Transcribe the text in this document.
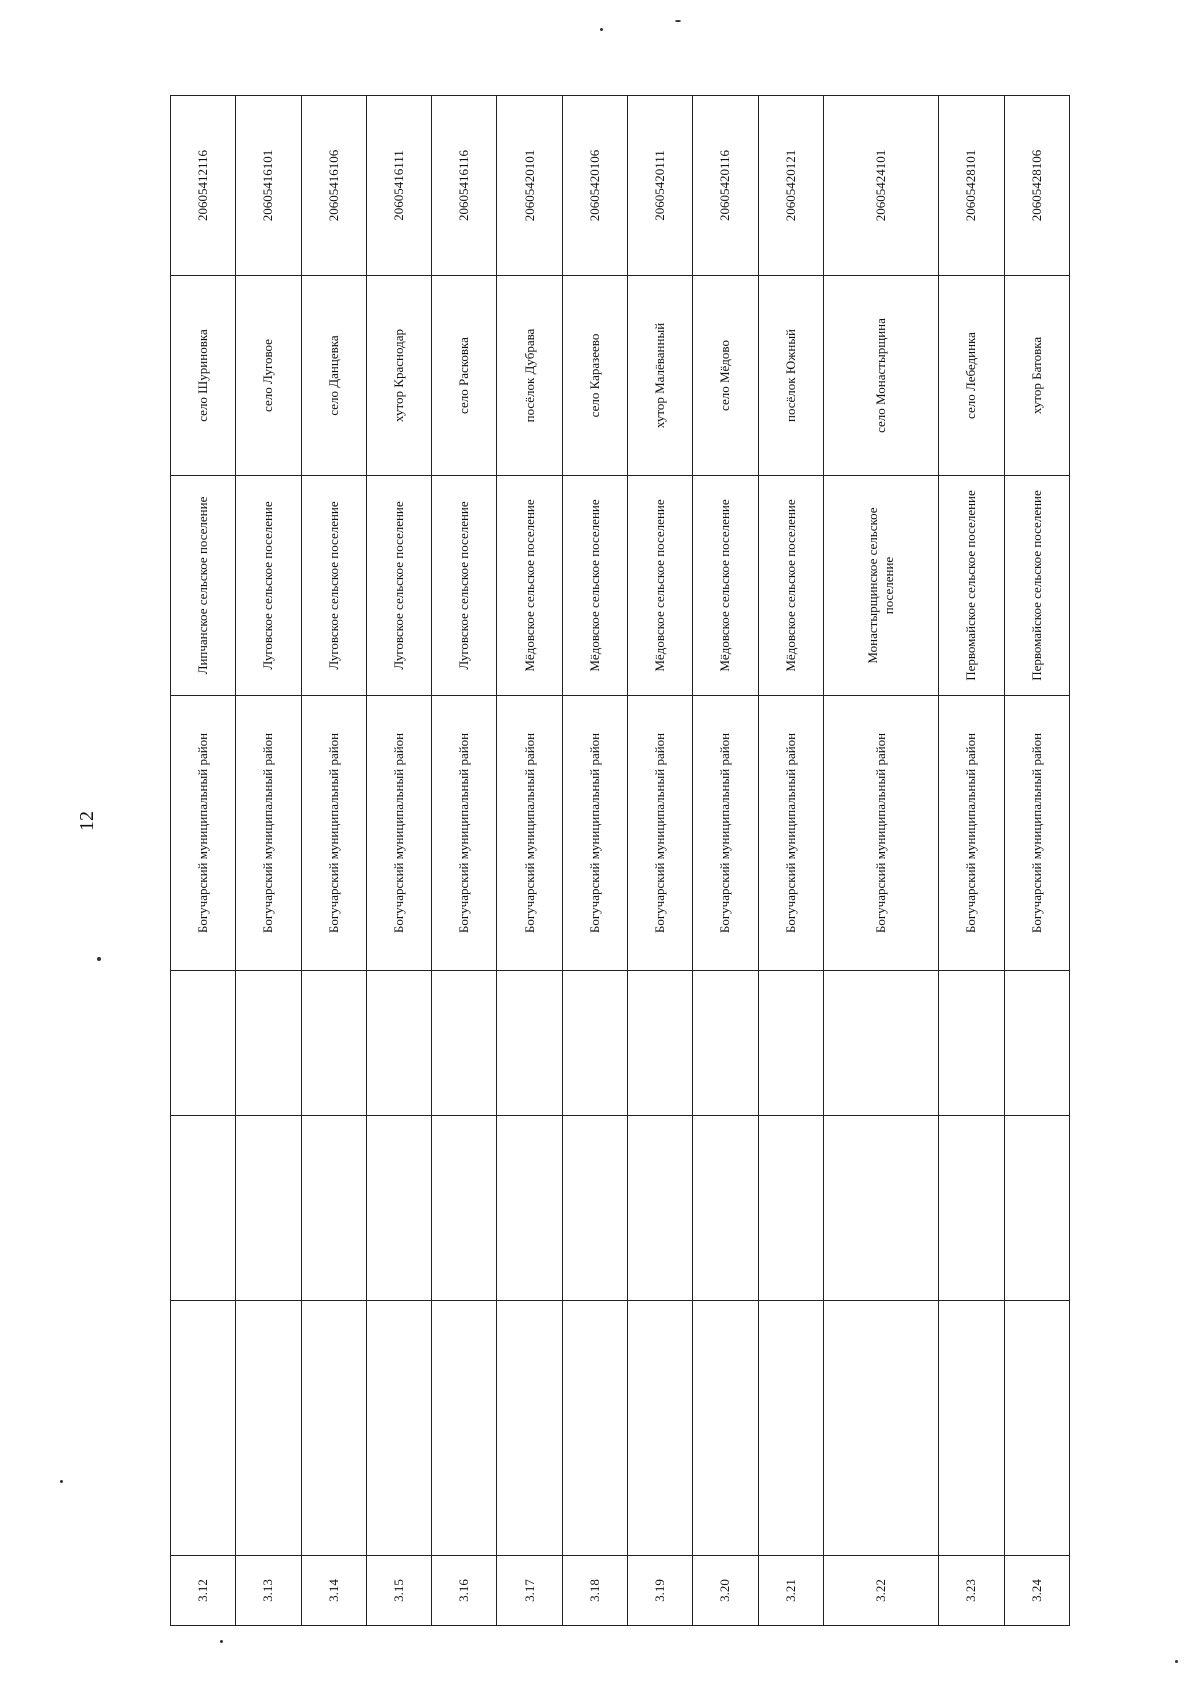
12
3.12				Богучарский муниципальный район	Липчанское сельское поселение	село Шуриновка	20605412116
3.13				Богучарский муниципальный район	Луговское сельское поселение	село Луговое	20605416101
3.14				Богучарский муниципальный район	Луговское сельское поселение	село Данцевка	20605416106
3.15				Богучарский муниципальный район	Луговское сельское поселение	хутор Краснодар	20605416111
3.16				Богучарский муниципальный район	Луговское сельское поселение	село Расковка	20605416116
3.17				Богучарский муниципальный район	Мёдовское сельское поселение	посёлок Дубрава	20605420101
3.18				Богучарский муниципальный район	Мёдовское сельское поселение	село Каразеево	20605420106
3.19				Богучарский муниципальный район	Мёдовское сельское поселение	хутор Малёванный	20605420111
3.20				Богучарский муниципальный район	Мёдовское сельское поселение	село Мёдово	20605420116
3.21				Богучарский муниципальный район	Мёдовское сельское поселение	посёлок Южный	20605420121
3.22				Богучарский муниципальный район	Монастырщинское сельское поселение	село Монастырщина	20605424101
3.23				Богучарский муниципальный район	Первомайское сельское поселение	село Лебединка	20605428101
3.24				Богучарский муниципальный район	Первомайское сельское поселение	хутор Батовка	20605428106
